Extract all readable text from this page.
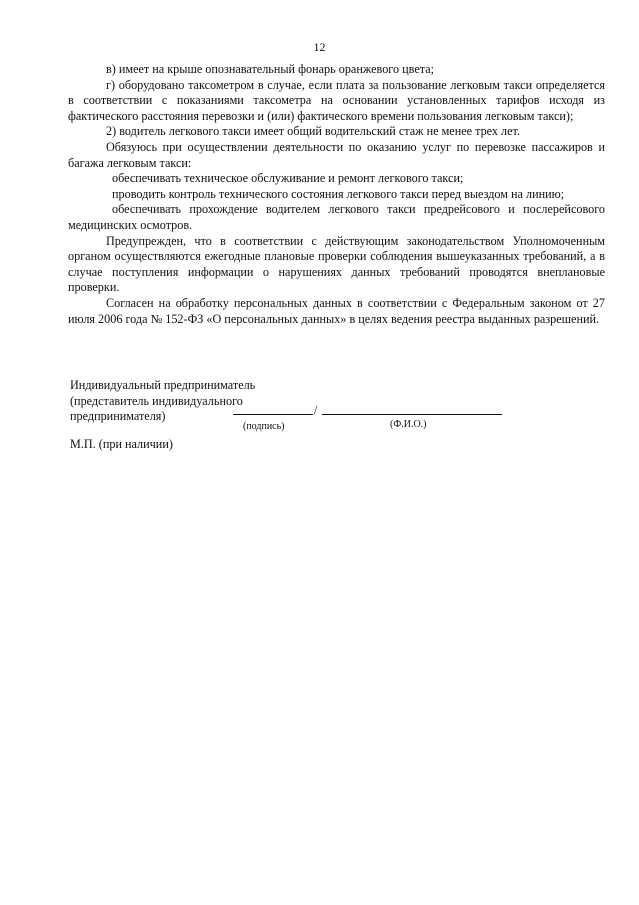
12

в) имеет на крыше опознавательный фонарь оранжевого цвета;

г) оборудовано таксометром в случае, если плата за пользование легковым такси определяется в соответствии с показаниями таксометра на основании установленных тарифов исходя из фактического расстояния перевозки и (или) фактического времени пользования легковым такси);

2) водитель легкового такси имеет общий водительский стаж не менее трех лет.

Обязуюсь при осуществлении деятельности по оказанию услуг по перевозке пассажиров и багажа легковым такси:

обеспечивать техническое обслуживание и ремонт легкового такси;

проводить контроль технического состояния легкового такси перед выездом на линию;

обеспечивать прохождение водителем легкового такси предрейсового и послерейсового медицинских осмотров.

Предупрежден, что в соответствии с действующим законодательством Уполномоченным органом осуществляются ежегодные плановые проверки соблюдения вышеуказанных требований, а в случае поступления информации о нарушениях данных требований проводятся внеплановые проверки.

Согласен на обработку персональных данных в соответствии с Федеральным законом от 27 июля 2006 года № 152-ФЗ «О персональных данных» в целях ведения реестра выданных разрешений.

Индивидуальный предприниматель
(представитель индивидуального
предпринимателя)	/
(подпись)	(Ф.И.О.)
М.П. (при наличии)
